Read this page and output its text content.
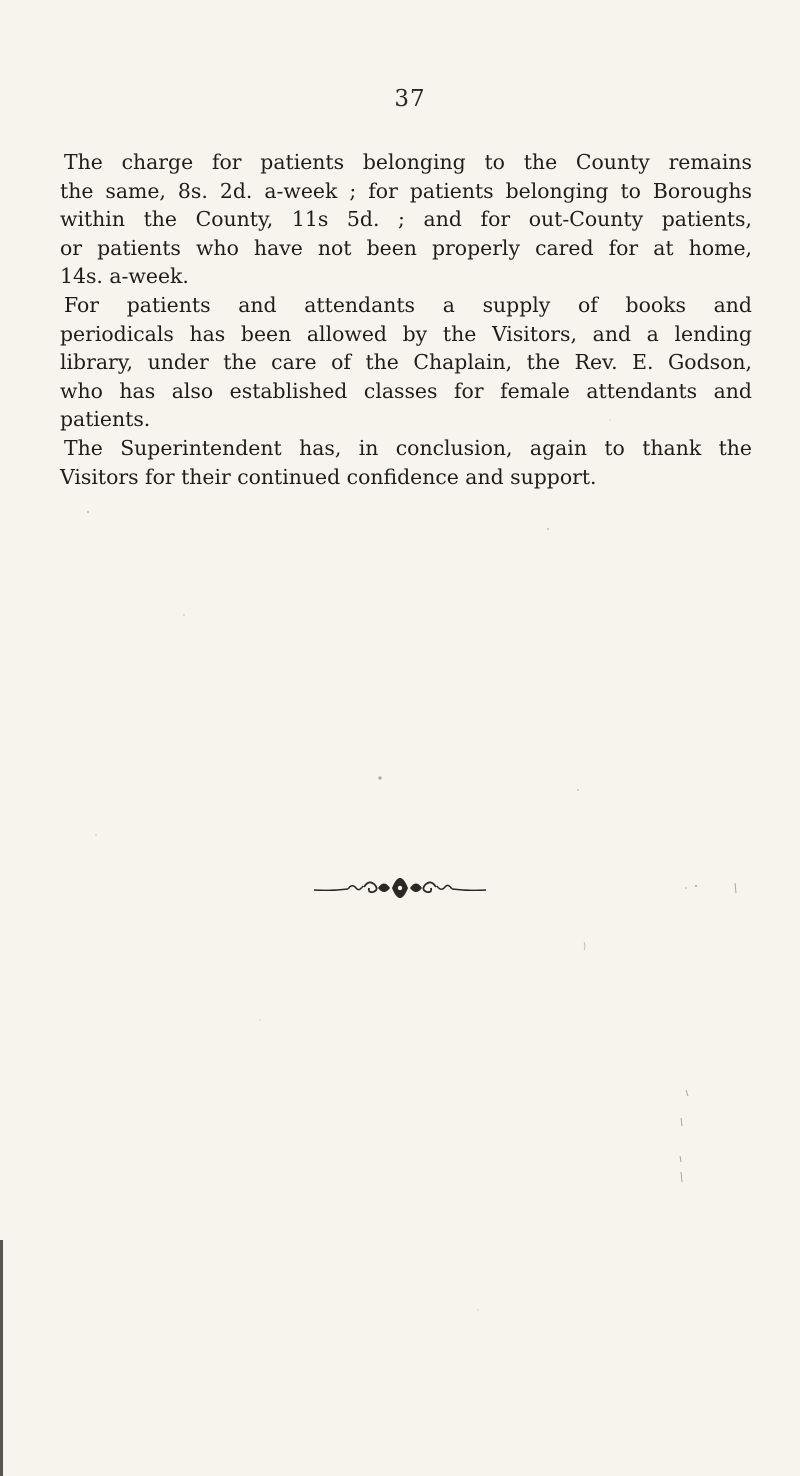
37
The charge for patients belonging to the County remains
the same, 8s. 2d. a-week ; for patients belonging to Boroughs
within the County, 11s 5d. ; and for out-County patients,
or patients who have not been properly cared for at home,
14s. a-week.
For patients and attendants a supply of books and
periodicals has been allowed by the Visitors, and a lending
library, under the care of the Chaplain, the Rev. E. Godson,
who has also established classes for female attendants and
patients.
The Superintendent has, in conclusion, again to thank the
Visitors for their continued confidence and support.
